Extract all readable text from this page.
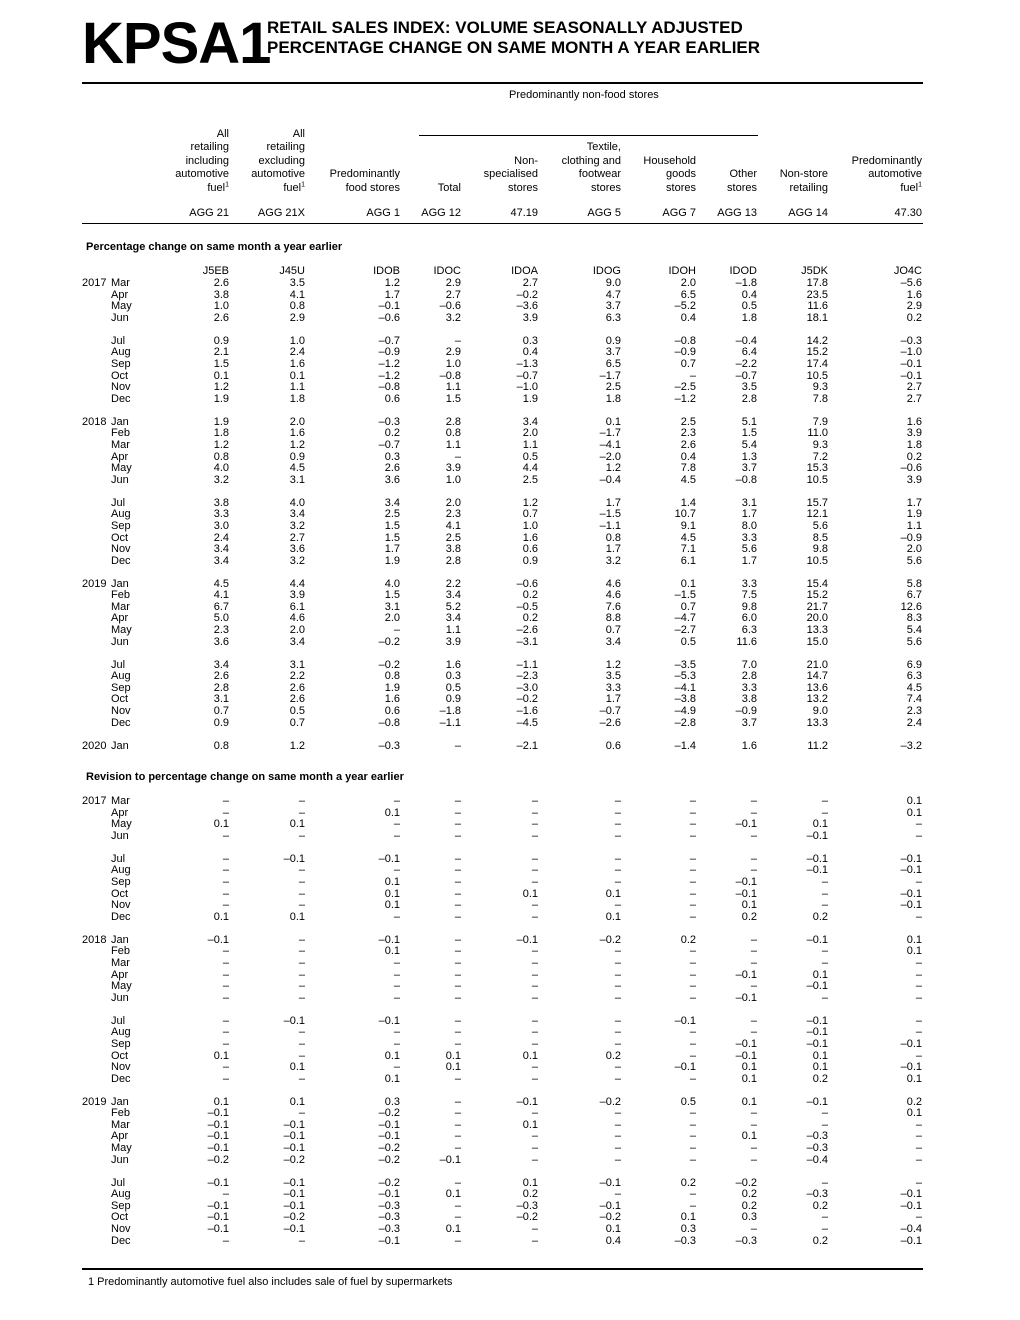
KPSA1
RETAIL SALES INDEX: VOLUME SEASONALLY ADJUSTED
PERCENTAGE CHANGE ON SAME MONTH A YEAR EARLIER
Predominantly non-food stores
All
retailing
including
automotive
fuel$^1$
AGG 21
All
retailing
excluding
automotive
fuel$^1$
AGG 21X
Predominantly
food stores
AGG 1
Total
AGG 12
Non-
specialised
stores
47.19
Textile,
clothing and
footwear
stores
AGG 5
Household
goods
stores
AGG 7
Other
stores
AGG 13
Non-store
retailing
AGG 14
Predominantly
automotive
fuel$^1$
47.30
Percentage change on same month a year earlier
J5EB	J45U	IDOB	IDOC	IDOA	IDOG	IDOH	IDOD	J5DK	JO4C
2017 Mar	2.6	3.5	1.2	2.9	2.7	9.0	2.0	–1.8	17.8	–5.6
Apr	3.8	4.1	1.7	2.7	–0.2	4.7	6.5	0.4	23.5	1.6
May	1.0	0.8	–0.1	–0.6	–3.6	3.7	–5.2	0.5	11.6	2.9
Jun	2.6	2.9	–0.6	3.2	3.9	6.3	0.4	1.8	18.1	0.2
Jul	0.9	1.0	–0.7	–	0.3	0.9	–0.8	–0.4	14.2	–0.3
Aug	2.1	2.4	–0.9	2.9	0.4	3.7	–0.9	6.4	15.2	–1.0
Sep	1.5	1.6	–1.2	1.0	–1.3	6.5	0.7	–2.2	17.4	–0.1
Oct	0.1	0.1	–1.2	–0.8	–0.7	–1.7	–	–0.7	10.5	–0.1
Nov	1.2	1.1	–0.8	1.1	–1.0	2.5	–2.5	3.5	9.3	2.7
Dec	1.9	1.8	0.6	1.5	1.9	1.8	–1.2	2.8	7.8	2.7
2018 Jan	1.9	2.0	–0.3	2.8	3.4	0.1	2.5	5.1	7.9	1.6
Feb	1.8	1.6	0.2	0.8	2.0	–1.7	2.3	1.5	11.0	3.9
Mar	1.2	1.2	–0.7	1.1	1.1	–4.1	2.6	5.4	9.3	1.8
Apr	0.8	0.9	0.3	–	0.5	–2.0	0.4	1.3	7.2	0.2
May	4.0	4.5	2.6	3.9	4.4	1.2	7.8	3.7	15.3	–0.6
Jun	3.2	3.1	3.6	1.0	2.5	–0.4	4.5	–0.8	10.5	3.9
Jul	3.8	4.0	3.4	2.0	1.2	1.7	1.4	3.1	15.7	1.7
Aug	3.3	3.4	2.5	2.3	0.7	–1.5	10.7	1.7	12.1	1.9
Sep	3.0	3.2	1.5	4.1	1.0	–1.1	9.1	8.0	5.6	1.1
Oct	2.4	2.7	1.5	2.5	1.6	0.8	4.5	3.3	8.5	–0.9
Nov	3.4	3.6	1.7	3.8	0.6	1.7	7.1	5.6	9.8	2.0
Dec	3.4	3.2	1.9	2.8	0.9	3.2	6.1	1.7	10.5	5.6
2019 Jan	4.5	4.4	4.0	2.2	–0.6	4.6	0.1	3.3	15.4	5.8
Feb	4.1	3.9	1.5	3.4	0.2	4.6	–1.5	7.5	15.2	6.7
Mar	6.7	6.1	3.1	5.2	–0.5	7.6	0.7	9.8	21.7	12.6
Apr	5.0	4.6	2.0	3.4	0.2	8.8	–4.7	6.0	20.0	8.3
May	2.3	2.0	–	1.1	–2.6	0.7	–2.7	6.3	13.3	5.4
Jun	3.6	3.4	–0.2	3.9	–3.1	3.4	0.5	11.6	15.0	5.6
Jul	3.4	3.1	–0.2	1.6	–1.1	1.2	–3.5	7.0	21.0	6.9
Aug	2.6	2.2	0.8	0.3	–2.3	3.5	–5.3	2.8	14.7	6.3
Sep	2.8	2.6	1.9	0.5	–3.0	3.3	–4.1	3.3	13.6	4.5
Oct	3.1	2.6	1.6	0.9	–0.2	1.7	–3.8	3.8	13.2	7.4
Nov	0.7	0.5	0.6	–1.8	–1.6	–0.7	–4.9	–0.9	9.0	2.3
Dec	0.9	0.7	–0.8	–1.1	–4.5	–2.6	–2.8	3.7	13.3	2.4
2020 Jan	0.8	1.2	–0.3	–	–2.1	0.6	–1.4	1.6	11.2	–3.2
Revision to percentage change on same month a year earlier
2017 Mar	–	–	–	–	–	–	–	–	–	0.1
Apr	–	–	0.1	–	–	–	–	–	–	0.1
May	0.1	0.1	–	–	–	–	–	–0.1	0.1	–
Jun	–	–	–	–	–	–	–	–	–0.1	–
Jul	–	–0.1	–0.1	–	–	–	–	–	–0.1	–0.1
Aug	–	–	–	–	–	–	–	–	–0.1	–0.1
Sep	–	–	0.1	–	–	–	–	–0.1	–	–
Oct	–	–	0.1	–	0.1	0.1	–	–0.1	–	–0.1
Nov	–	–	0.1	–	–	–	–	0.1	–	–0.1
Dec	0.1	0.1	–	–	–	0.1	–	0.2	0.2	–
2018 Jan	–0.1	–	–0.1	–	–0.1	–0.2	0.2	–	–0.1	0.1
Feb	–	–	0.1	–	–	–	–	–	–	0.1
Mar	–	–	–	–	–	–	–	–	–	–
Apr	–	–	–	–	–	–	–	–0.1	0.1	–
May	–	–	–	–	–	–	–	–	–0.1	–
Jun	–	–	–	–	–	–	–	–0.1	–	–
Jul	–	–0.1	–0.1	–	–	–	–0.1	–	–0.1	–
Aug	–	–	–	–	–	–	–	–	–0.1	–
Sep	–	–	–	–	–	–	–	–0.1	–0.1	–0.1
Oct	0.1	–	0.1	0.1	0.1	0.2	–	–0.1	0.1	–
Nov	–	0.1	–	0.1	–	–	–0.1	0.1	0.1	–0.1
Dec	–	–	0.1	–	–	–	–	0.1	0.2	0.1
2019 Jan	0.1	0.1	0.3	–	–0.1	–0.2	0.5	0.1	–0.1	0.2
Feb	–0.1	–	–0.2	–	–	–	–	–	–	0.1
Mar	–0.1	–0.1	–0.1	–	0.1	–	–	–	–	–
Apr	–0.1	–0.1	–0.1	–	–	–	–	0.1	–0.3	–
May	–0.1	–0.1	–0.2	–	–	–	–	–	–0.3	–
Jun	–0.2	–0.2	–0.2	–0.1	–	–	–	–	–0.4	–
Jul	–0.1	–0.1	–0.2	–	0.1	–0.1	0.2	–0.2	–	–
Aug	–	–0.1	–0.1	0.1	0.2	–	–	0.2	–0.3	–0.1
Sep	–0.1	–0.1	–0.3	–	–0.3	–0.1	–	0.2	0.2	–0.1
Oct	–0.1	–0.2	–0.3	–	–0.2	–0.2	0.1	0.3	–	–
Nov	–0.1	–0.1	–0.3	0.1	–	0.1	0.3	–	–	–0.4
Dec	–	–	–0.1	–	–	0.4	–0.3	–0.3	0.2	–0.1
1 Predominantly automotive fuel also includes sale of fuel by supermarkets
